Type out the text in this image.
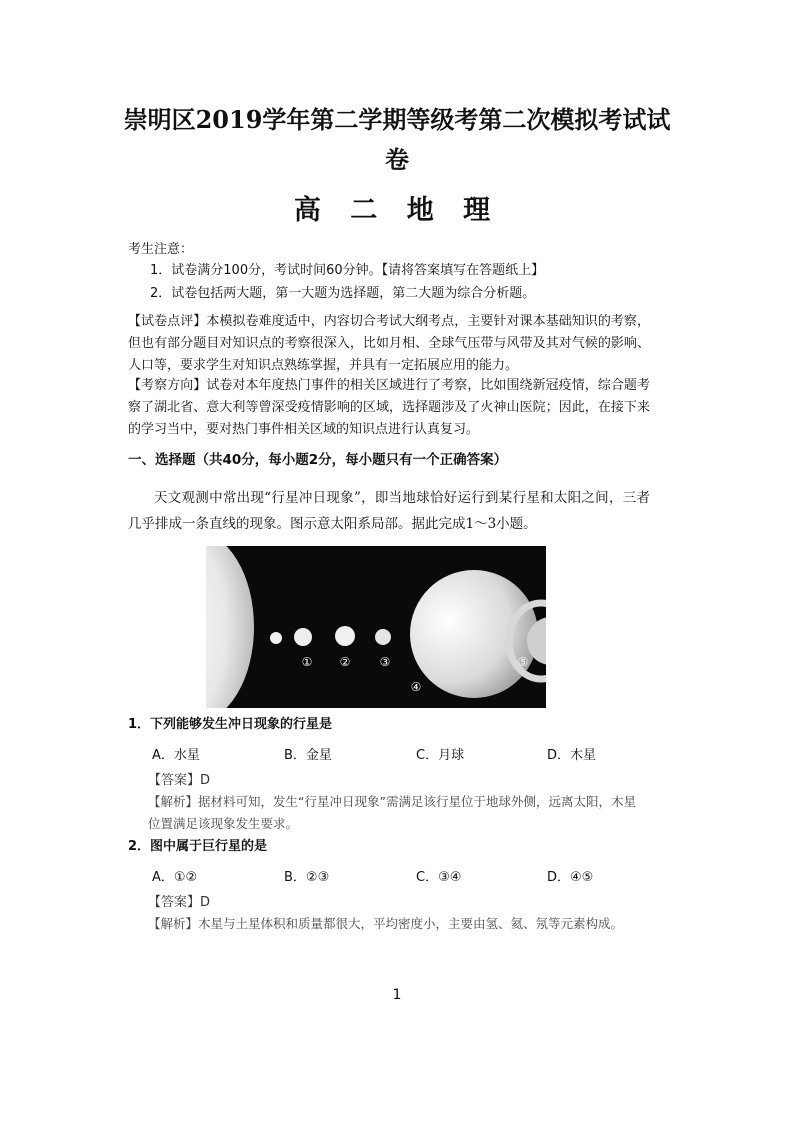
崇明区2019学年第二学期等级考第二次模拟考试试
卷
高 二 地 理
考生注意：
1．试卷满分100分，考试时间60分钟。【请将答案填写在答题纸上】
2．试卷包括两大题，第一大题为选择题，第二大题为综合分析题。
【试卷点评】本模拟卷难度适中，内容切合考试大纲考点，主要针对课本基础知识的考察，但也有部分题目对知识点的考察很深入，比如月相、全球气压带与风带及其对气候的影响、人口等，要求学生对知识点熟练掌握，并具有一定拓展应用的能力。
【考察方向】试卷对本年度热门事件的相关区域进行了考察，比如围绕新冠疫情，综合题考察了湖北省、意大利等曾深受疫情影响的区域，选择题涉及了火神山医院；因此，在接下来的学习当中，要对热门事件相关区域的知识点进行认真复习。
一、选择题（共40分，每小题2分，每小题只有一个正确答案）
天文观测中常出现“行星冲日现象”，即当地球恰好运行到某行星和太阳之间，三者几乎排成一条直线的现象。图示意太阳系局部。据此完成1～3小题。
① ② ③
④
⑤
1．下列能够发生冲日现象的行星是
A．水星	B．金星	C．月球	D．木星
【答案】D
【解析】据材料可知，发生“行星冲日现象”需满足该行星位于地球外侧，远离太阳，木星位置满足该现象发生要求。
2．图中属于巨行星的是
A．①②	B．②③	C．③④	D．④⑤
【答案】D
【解析】木星与土星体积和质量都很大，平均密度小，主要由氢、氦、氖等元素构成。
1
